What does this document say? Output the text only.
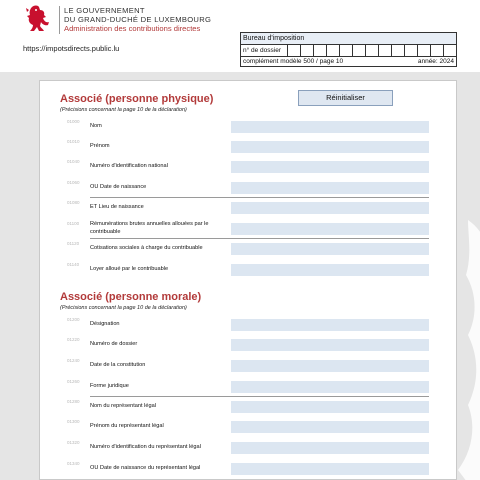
LE GOUVERNEMENT
DU GRAND-DUCHÉ DE LUXEMBOURG
Administration des contributions directes
https://impotsdirects.public.lu
Bureau d'imposition
n° de dossier
complément modèle 500 / page 10	année: 2024
Réinitialiser
Associé (personne physique)
(Précisions concernant la page 10 de la déclaration)
01000
Nom
01010
Prénom
01040
Numéro d'identification national
01060
OU Date de naissance
01080
ET Lieu de naissance
01100 Rémunérations brutes annuelles allouées par le contribuable
01120
Cotisations sociales à charge du contribuable
01140
Loyer alloué par le contribuable
Associé (personne morale)
(Précisions concernant la page 10 de la déclaration)
01200
Désignation
01220
Numéro de dossier
01240
Date de la constitution
01260
Forme juridique
01280
Nom du représentant légal
01300
Prénom du représentant légal
01320
Numéro d'identification du représentant légal
01340
OU Date de naissance du représentant légal
